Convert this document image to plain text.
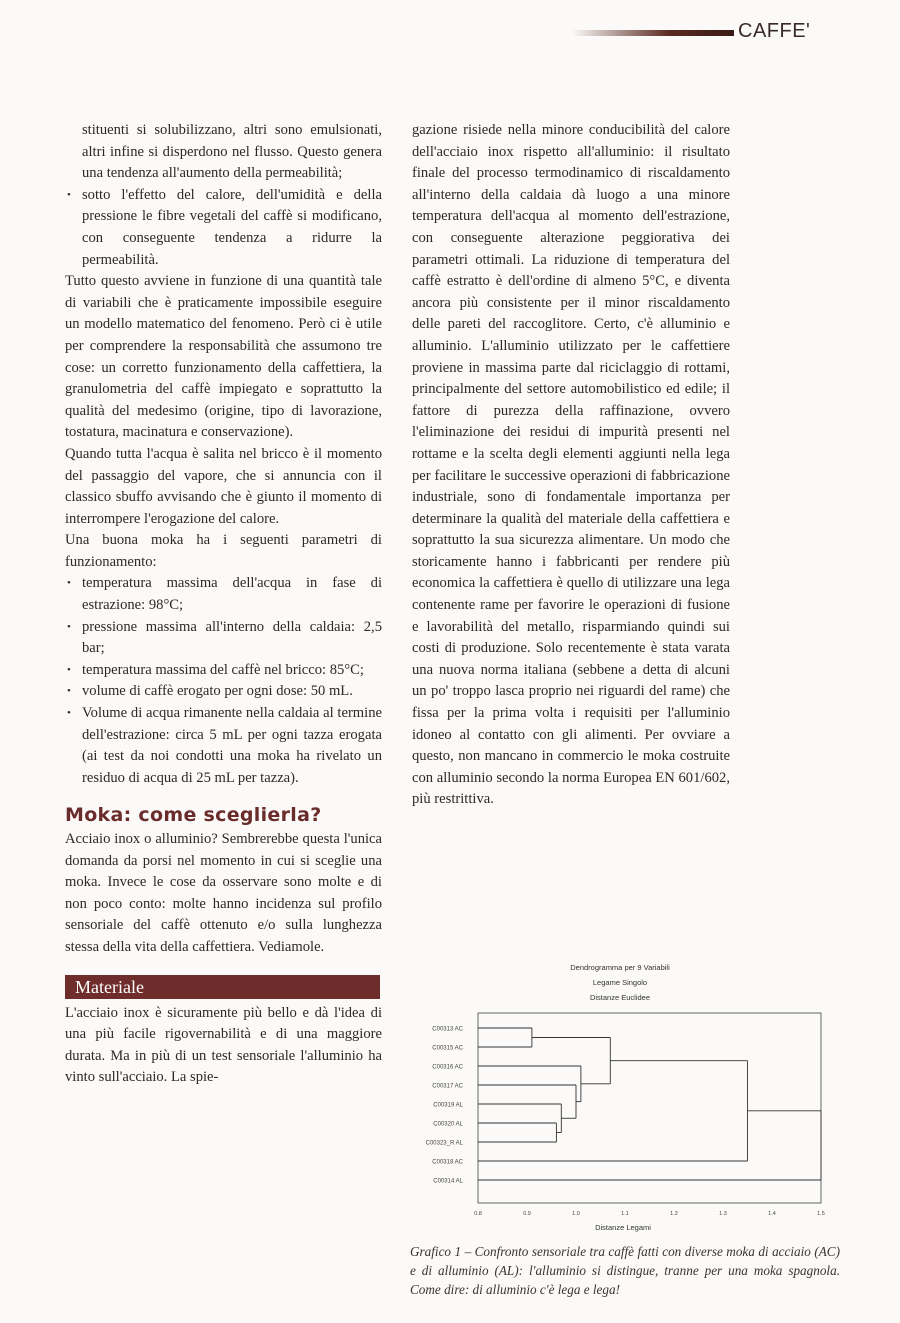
CAFFE'

stituenti si solubilizzano, altri sono emulsionati, altri infine si disperdono nel flusso. Questo genera una tendenza all'aumento della permeabilità;

• sotto l'effetto del calore, dell'umidità e della pressione le fibre vegetali del caffè si modificano, con conseguente tendenza a ridurre la permeabilità.

Tutto questo avviene in funzione di una quantità tale di variabili che è praticamente impossibile eseguire un modello matematico del fenomeno. Però ci è utile per comprendere la responsabilità che assumono tre cose: un corretto funzionamento della caffettiera, la granulometria del caffè impiegato e soprattutto la qualità del medesimo (origine, tipo di lavorazione, tostatura, macinatura e conservazione).

Quando tutta l'acqua è salita nel bricco è il momento del passaggio del vapore, che si annuncia con il classico sbuffo avvisando che è giunto il momento di interrompere l'erogazione del calore.

Una buona moka ha i seguenti parametri di funzionamento:

• temperatura massima dell'acqua in fase di estrazione: 98°C;
• pressione massima all'interno della caldaia: 2,5 bar;
• temperatura massima del caffè nel bricco: 85°C;
• volume di caffè erogato per ogni dose: 50 mL.
• Volume di acqua rimanente nella caldaia al termine dell'estrazione: circa 5 mL per ogni tazza erogata (ai test da noi condotti una moka ha rivelato un residuo di acqua di 25 mL per tazza).
Moka: come sceglierla?

Acciaio inox o alluminio? Sembrerebbe questa l'unica domanda da porsi nel momento in cui si sceglie una moka. Invece le cose da osservare sono molte e di non poco conto: molte hanno incidenza sul profilo sensoriale del caffè ottenuto e/o sulla lunghezza stessa della vita della caffettiera. Vediamole.

Materiale

L'acciaio inox è sicuramente più bello e dà l'idea di una più facile rigovernabilità e di una maggiore durata. Ma in più di un test sensoriale l'alluminio ha vinto sull'acciaio. La spie-

gazione risiede nella minore conducibilità del calore dell'acciaio inox rispetto all'alluminio: il risultato finale del processo termodinamico di riscaldamento all'interno della caldaia dà luogo a una minore temperatura dell'acqua al momento dell'estrazione, con conseguente alterazione peggiorativa dei parametri ottimali. La riduzione di temperatura del caffè estratto è dell'ordine di almeno 5°C, e diventa ancora più consistente per il minor riscaldamento delle pareti del raccoglitore. Certo, c'è alluminio e alluminio. L'alluminio utilizzato per le caffettiere proviene in massima parte dal riciclaggio di rottami, principalmente del settore automobilistico ed edile; il fattore di purezza della raffinazione, ovvero l'eliminazione dei residui di impurità presenti nel rottame e la scelta degli elementi aggiunti nella lega per facilitare le successive operazioni di fabbricazione industriale, sono di fondamentale importanza per determinare la qualità del materiale della caffettiera e soprattutto la sua sicurezza alimentare. Un modo che storicamente hanno i fabbricanti per rendere più economica la caffettiera è quello di utilizzare una lega contenente rame per favorire le operazioni di fusione e lavorabilità del metallo, risparmiando quindi sui costi di produzione. Solo recentemente è stata varata una nuova norma italiana (sebbene a detta di alcuni un po' troppo lasca proprio nei riguardi del rame) che fissa per la prima volta i requisiti per l'alluminio idoneo al contatto con gli alimenti. Per ovviare a questo, non mancano in commercio le moka costruite con alluminio secondo la norma Europea EN 601/602, più restrittiva.

Dendrogramma per 9 Variabili
Legame Singolo
Distanze Euclidee
C00313 AC
C00315 AC
C00316 AC
C00317 AC
C00319 AL
C00320 AL
C00323_R AL
C00318 AC
C00314 AL
0.8	0.9	1.0	1.1	1.2	1.3	1.4	1.5
Distanze Legami
Grafico 1 – Confronto sensoriale tra caffè fatti con diverse moka di acciaio (AC) e di alluminio (AL): l'alluminio si distingue, tranne per una moka spagnola. Come dire: di alluminio c'è lega e lega!
